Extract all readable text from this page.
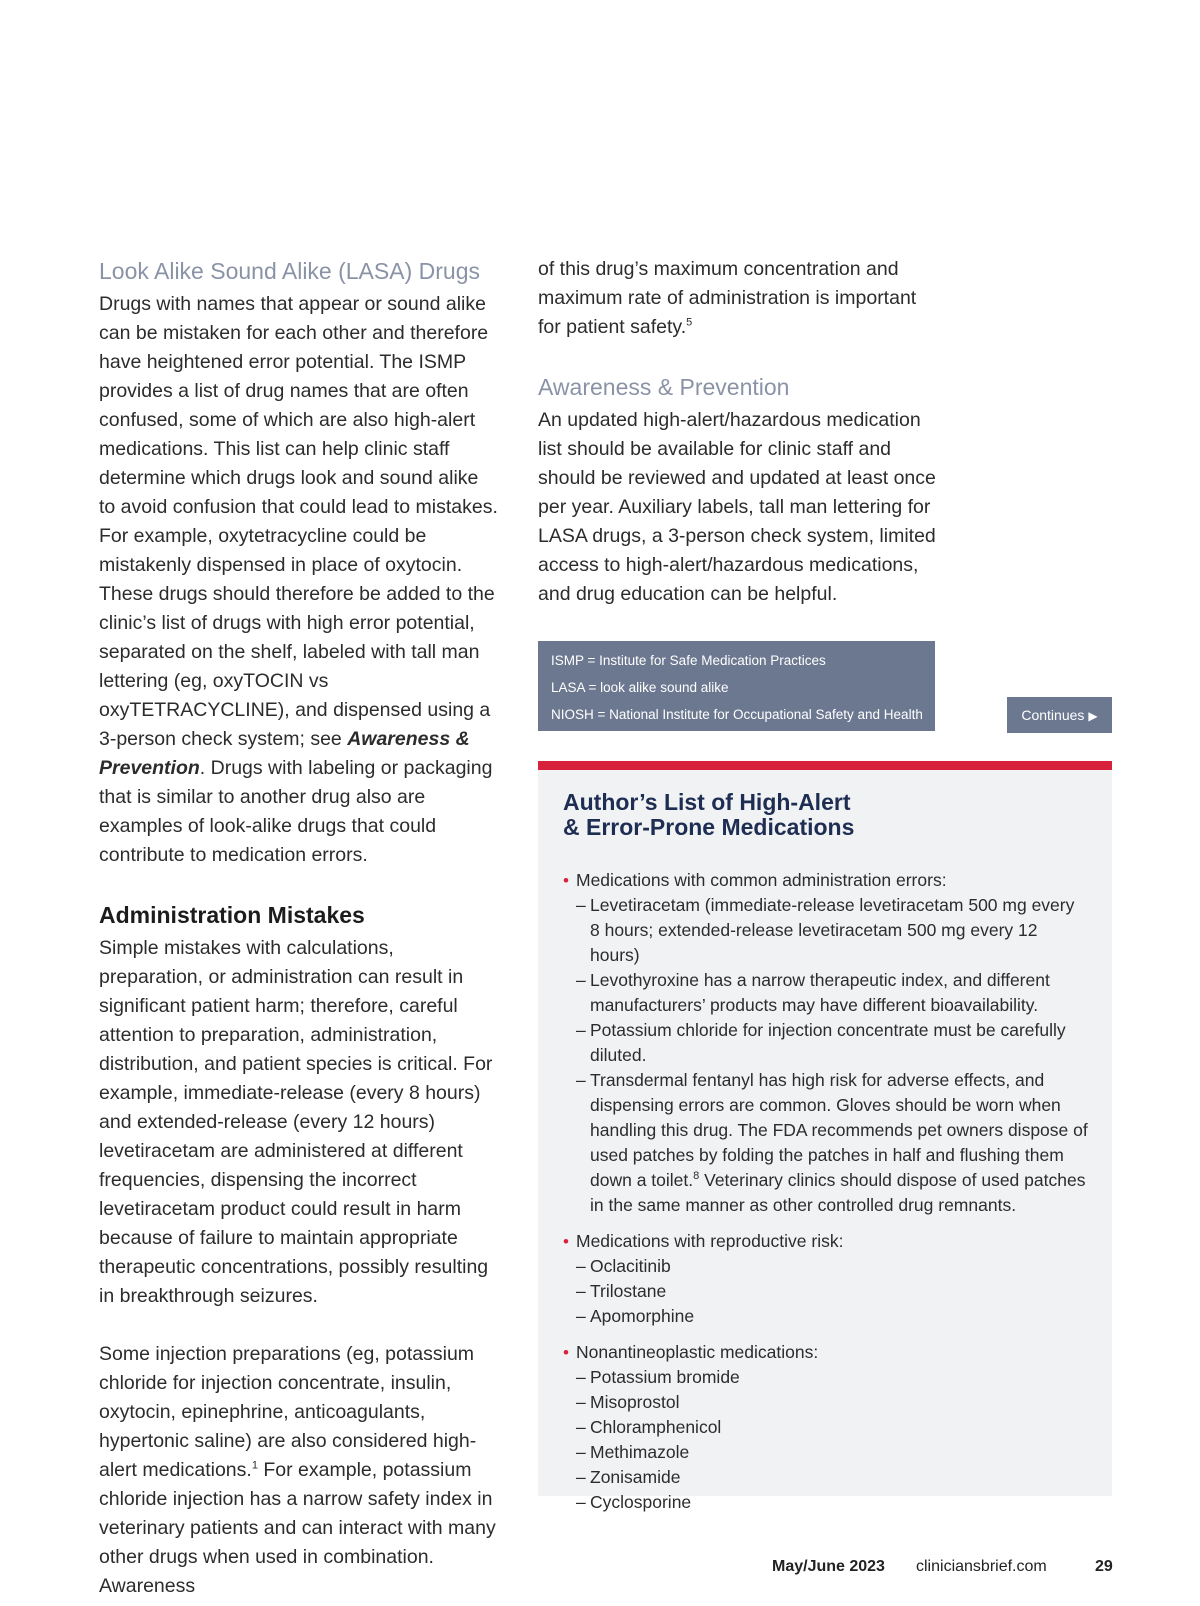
Look Alike Sound Alike (LASA) Drugs

Drugs with names that appear or sound alike can be mistaken for each other and therefore have heightened error potential. The ISMP provides a list of drug names that are often confused, some of which are also high-alert medications. This list can help clinic staff determine which drugs look and sound alike to avoid confusion that could lead to mistakes. For example, oxytetracycline could be mistakenly dispensed in place of oxytocin. These drugs should therefore be added to the clinic’s list of drugs with high error potential, separated on the shelf, labeled with tall man lettering (eg, oxyTOCIN vs oxyTETRACYCLINE), and dispensed using a 3-person check system; see Awareness & Prevention. Drugs with labeling or packaging that is similar to another drug also are examples of look-alike drugs that could contribute to medication errors.

Administration Mistakes

Simple mistakes with calculations, preparation, or administration can result in significant patient harm; therefore, careful attention to preparation, administration, distribution, and patient species is critical. For example, immediate-release (every 8 hours) and extended-release (every 12 hours) levetiracetam are administered at different frequencies, dispensing the incorrect levetiracetam product could result in harm because of failure to maintain appropriate therapeutic concentrations, possibly resulting in breakthrough seizures.

Some injection preparations (eg, potassium chloride for injection concentrate, insulin, oxytocin, epinephrine, anticoagulants, hypertonic saline) are also considered high-alert medications.$^1$ For example, potassium chloride injection has a narrow safety index in veterinary patients and can interact with many other drugs when used in combination. Awareness

of this drug’s maximum concentration and maximum rate of administration is important for patient safety.$^5$

Awareness & Prevention

An updated high-alert/hazardous medication list should be available for clinic staff and should be reviewed and updated at least once per year. Auxiliary labels, tall man lettering for LASA drugs, a 3-person check system, limited access to high-alert/hazardous medications, and drug education can be helpful.

ISMP = Institute for Safe Medication Practices
LASA = look alike sound alike
NIOSH = National Institute for Occupational Safety and Health	Continues ▶
Author’s List of High-Alert
& Error-Prone Medications
• Medications with common administration errors:
– Levetiracetam (immediate-release levetiracetam 500 mg every 8 hours; extended-release levetiracetam 500 mg every 12 hours)
– Levothyroxine has a narrow therapeutic index, and different manufacturers’ products may have different bioavailability.
– Potassium chloride for injection concentrate must be carefully diluted.
– Transdermal fentanyl has high risk for adverse effects, and dispensing errors are common. Gloves should be worn when handling this drug. The FDA recommends pet owners dispose of used patches by folding the patches in half and flushing them down a toilet.$^8$ Veterinary clinics should dispose of used patches in the same manner as other controlled drug remnants.
• Medications with reproductive risk:
– Oclacitinib
– Trilostane
– Apomorphine
• Nonantineoplastic medications:
– Potassium bromide
– Misoprostol
– Chloramphenicol
– Methimazole
– Zonisamide
– Cyclosporine
May/June 2023 cliniciansbrief.com	29
